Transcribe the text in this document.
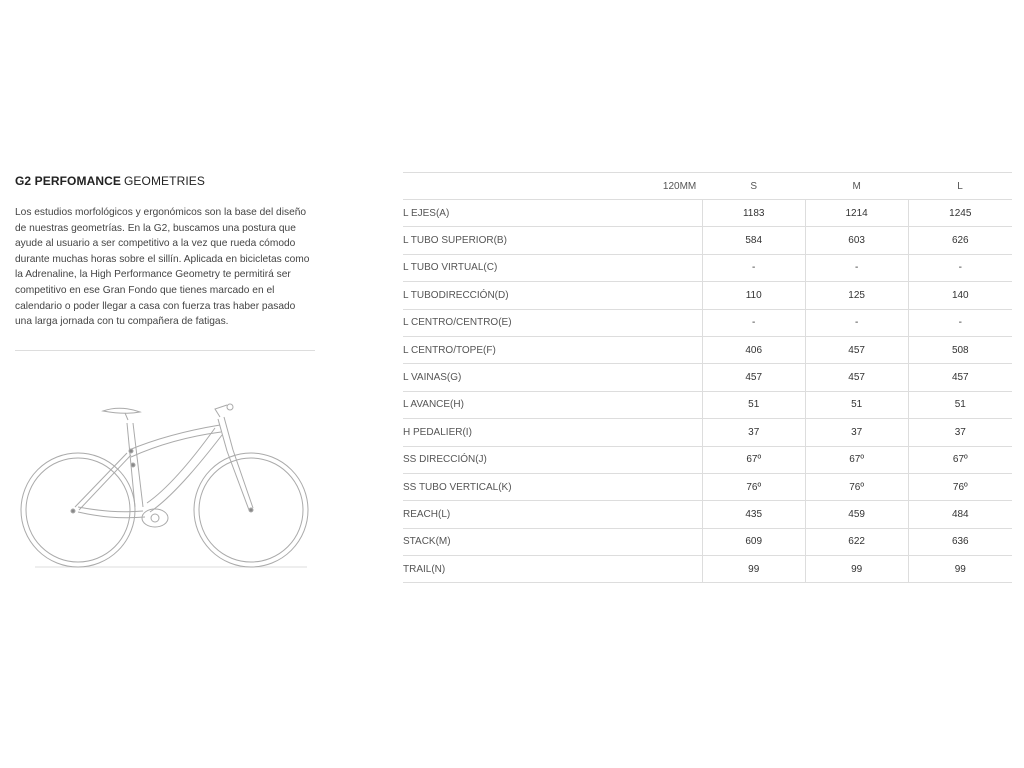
G2 PERFOMANCE GEOMETRIES
Los estudios morfológicos y ergonómicos son la base del diseño de nuestras geometrías. En la G2, buscamos una postura que ayude al usuario a ser competitivo a la vez que rueda cómodo durante muchas horas sobre el sillín. Aplicada en bicicletas como la Adrenaline, la High Performance Geometry te permitirá ser competitivo en ese Gran Fondo que tienes marcado en el calendario o poder llegar a casa con fuerza tras haber pasado una larga jornada con tu compañera de fatigas.
120MM	S	M	L
L EJES(A)	1183	1214	1245
L TUBO SUPERIOR(B)	584	603	626
L TUBO VIRTUAL(C)	-	-	-
L TUBODIRECCIÓN(D)	110	125	140
L CENTRO/CENTRO(E)	-	-	-
L CENTRO/TOPE(F)	406	457	508
L VAINAS(G)	457	457	457
L AVANCE(H)	51	51	51
H PEDALIER(I)	37	37	37
SS DIRECCIÓN(J)	67º	67º	67º
SS TUBO VERTICAL(K)	76º	76º	76º
REACH(L)	435	459	484
STACK(M)	609	622	636
TRAIL(N)	99	99	99
